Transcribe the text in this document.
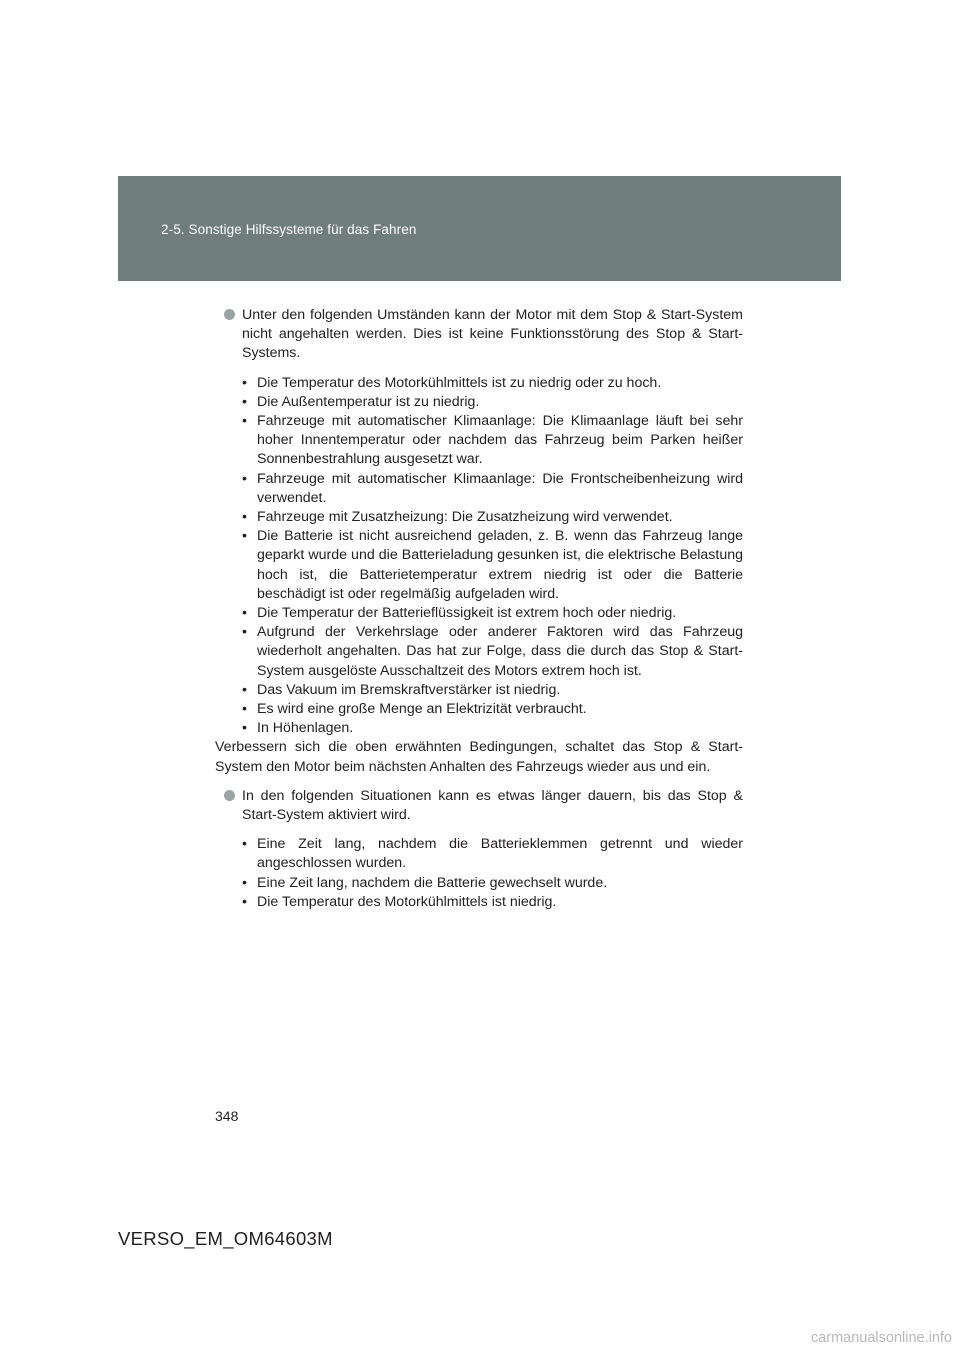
2-5. Sonstige Hilfssysteme für das Fahren
Unter den folgenden Umständen kann der Motor mit dem Stop & Start-System nicht angehalten werden. Dies ist keine Funktionsstörung des Stop & Start-Systems.
• Die Temperatur des Motorkühlmittels ist zu niedrig oder zu hoch.
• Die Außentemperatur ist zu niedrig.
• Fahrzeuge mit automatischer Klimaanlage: Die Klimaanlage läuft bei sehr hoher Innentemperatur oder nachdem das Fahrzeug beim Parken heißer Sonnenbestrahlung ausgesetzt war.
• Fahrzeuge mit automatischer Klimaanlage: Die Frontscheibenheizung wird verwendet.
• Fahrzeuge mit Zusatzheizung: Die Zusatzheizung wird verwendet.
• Die Batterie ist nicht ausreichend geladen, z. B. wenn das Fahrzeug lange geparkt wurde und die Batterieladung gesunken ist, die elektrische Belastung hoch ist, die Batterietemperatur extrem niedrig ist oder die Batterie beschädigt ist oder regelmäßig aufgeladen wird.
• Die Temperatur der Batterieflüssigkeit ist extrem hoch oder niedrig.
• Aufgrund der Verkehrslage oder anderer Faktoren wird das Fahrzeug wiederholt angehalten. Das hat zur Folge, dass die durch das Stop & Start-System ausgelöste Ausschaltzeit des Motors extrem hoch ist.
• Das Vakuum im Bremskraftverstärker ist niedrig.
• Es wird eine große Menge an Elektrizität verbraucht.
• In Höhenlagen.
Verbessern sich die oben erwähnten Bedingungen, schaltet das Stop & Start-System den Motor beim nächsten Anhalten des Fahrzeugs wieder aus und ein.
In den folgenden Situationen kann es etwas länger dauern, bis das Stop & Start-System aktiviert wird.
• Eine Zeit lang, nachdem die Batterieklemmen getrennt und wieder angeschlossen wurden.
• Eine Zeit lang, nachdem die Batterie gewechselt wurde.
• Die Temperatur des Motorkühlmittels ist niedrig.
348
VERSO_EM_OM64603M
carmanualsonline.info
